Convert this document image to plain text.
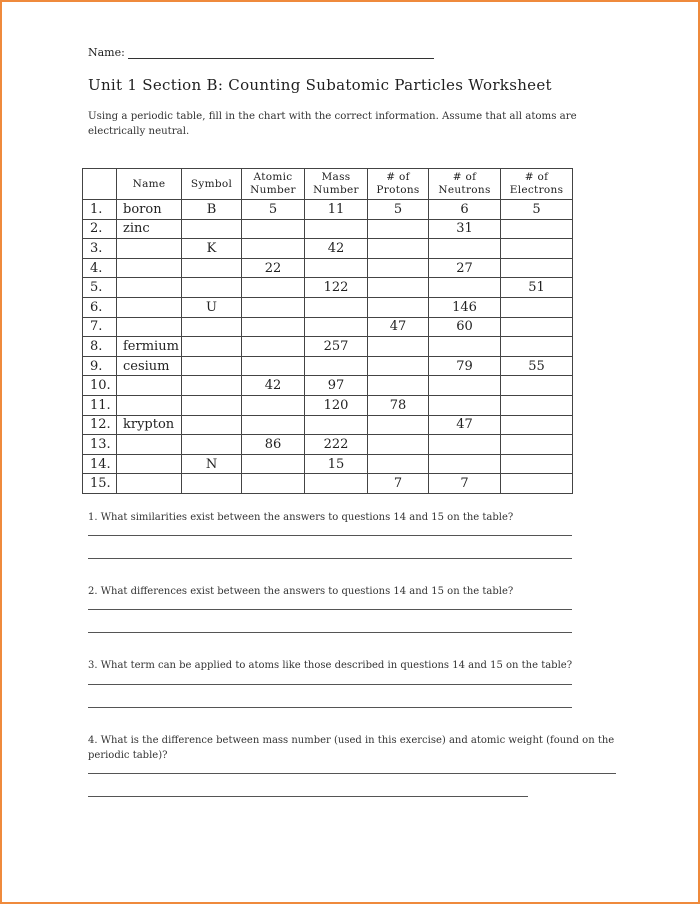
Name:
Unit 1 Section B: Counting Subatomic Particles Worksheet
Using a periodic table, fill in the chart with the correct information. Assume that all atoms are electrically neutral.
	Name	Symbol	Atomic Number	Mass Number	# of Protons	# of Neutrons	# of Electrons
1.	boron	B	5	11	5	6	5
2.	zinc					31	
3.		K		42			
4.			22			27	
5.				122			51
6.		U				146	
7.					47	60	
8.	fermium			257			
9.	cesium					79	55
10.			42	97			
11.				120	78		
12.	krypton					47	
13.			86	222			
14.		N		15			
15.					7	7	
1. What similarities exist between the answers to questions 14 and 15 on the table?
2. What differences exist between the answers to questions 14 and 15 on the table?
3. What term can be applied to atoms like those described in questions 14 and 15 on the table?
4. What is the difference between mass number (used in this exercise) and atomic weight (found on the periodic table)?
